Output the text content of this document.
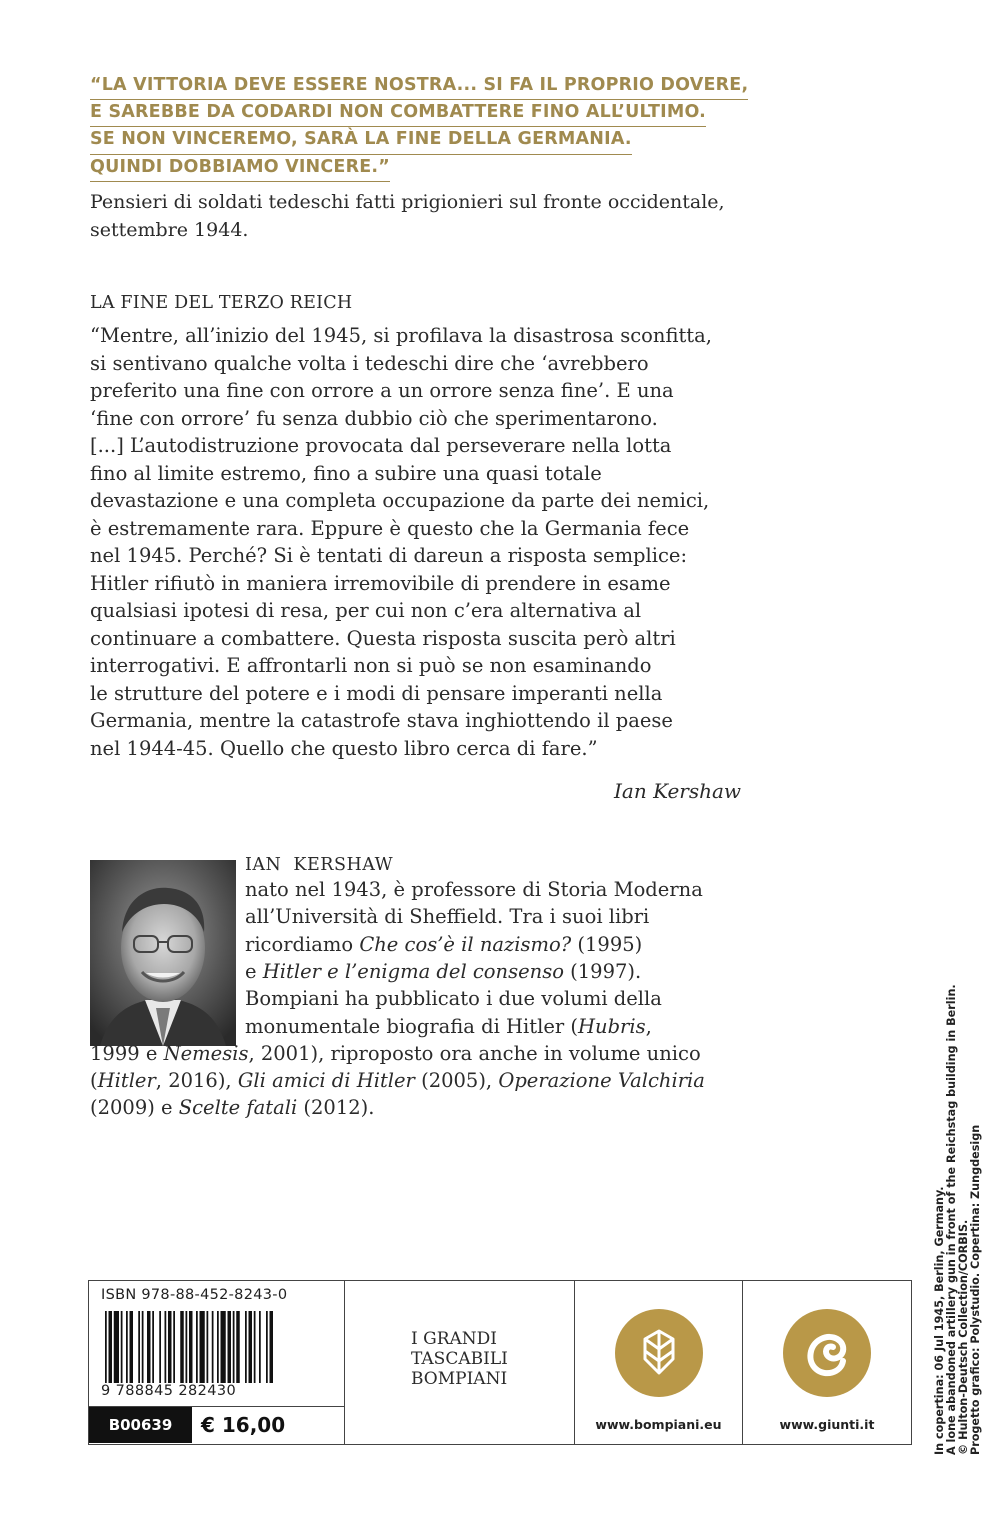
“LA VITTORIA DEVE ESSERE NOSTRA... SI FA IL PROPRIO DOVERE,
E SAREBBE DA CODARDI NON COMBATTERE FINO ALL’ULTIMO.
SE NON VINCEREMO, SARÀ LA FINE DELLA GERMANIA.
QUINDI DOBBIAMO VINCERE.”
Pensieri di soldati tedeschi fatti prigionieri sul fronte occidentale,
settembre 1944.
LA FINE DEL TERZO REICH
“Mentre, all’inizio del 1945, si profilava la disastrosa sconfitta,
si sentivano qualche volta i tedeschi dire che ‘avrebbero
preferito una fine con orrore a un orrore senza fine’. E una
‘fine con orrore’ fu senza dubbio ciò che sperimentarono.
[...] L’autodistruzione provocata dal perseverare nella lotta
fino al limite estremo, fino a subire una quasi totale
devastazione e una completa occupazione da parte dei nemici,
è estremamente rara. Eppure è questo che la Germania fece
nel 1945. Perché? Si è tentati di dareun a risposta semplice:
Hitler rifiutò in maniera irremovibile di prendere in esame
qualsiasi ipotesi di resa, per cui non c’era alternativa al
continuare a combattere. Questa risposta suscita però altri
interrogativi. E affrontarli non si può se non esaminando
le strutture del potere e i modi di pensare imperanti nella
Germania, mentre la catastrofe stava inghiottendo il paese
nel 1944-45. Quello che questo libro cerca di fare.”
Ian Kershaw
IAN KERSHAW
nato nel 1943, è professore di Storia Moderna
all’Università di Sheffield. Tra i suoi libri
ricordiamo Che cos’è il nazismo? (1995)
e Hitler e l’enigma del consenso (1997).
Bompiani ha pubblicato i due volumi della
monumentale biografia di Hitler (Hubris,
1999 e Nemesis, 2001), riproposto ora anche in volume unico
(Hitler, 2016), Gli amici di Hitler (2005), Operazione Valchiria
(2009) e Scelte fatali (2012).
ISBN 978-88-452-8243-0
9 788845 282430
B00639	€ 16,00
I GRANDI
TASCABILI
BOMPIANI
www.bompiani.eu	www.giunti.it	In copertina: 06 Jul 1945, Berlin, Germany. A lone abandoned artillery gun in front of the Reichstag building in Berlin. © Hulton-Deutsch Collection/CORBIS. Progetto grafico: Polystudio. Copertina: Zungdesign
